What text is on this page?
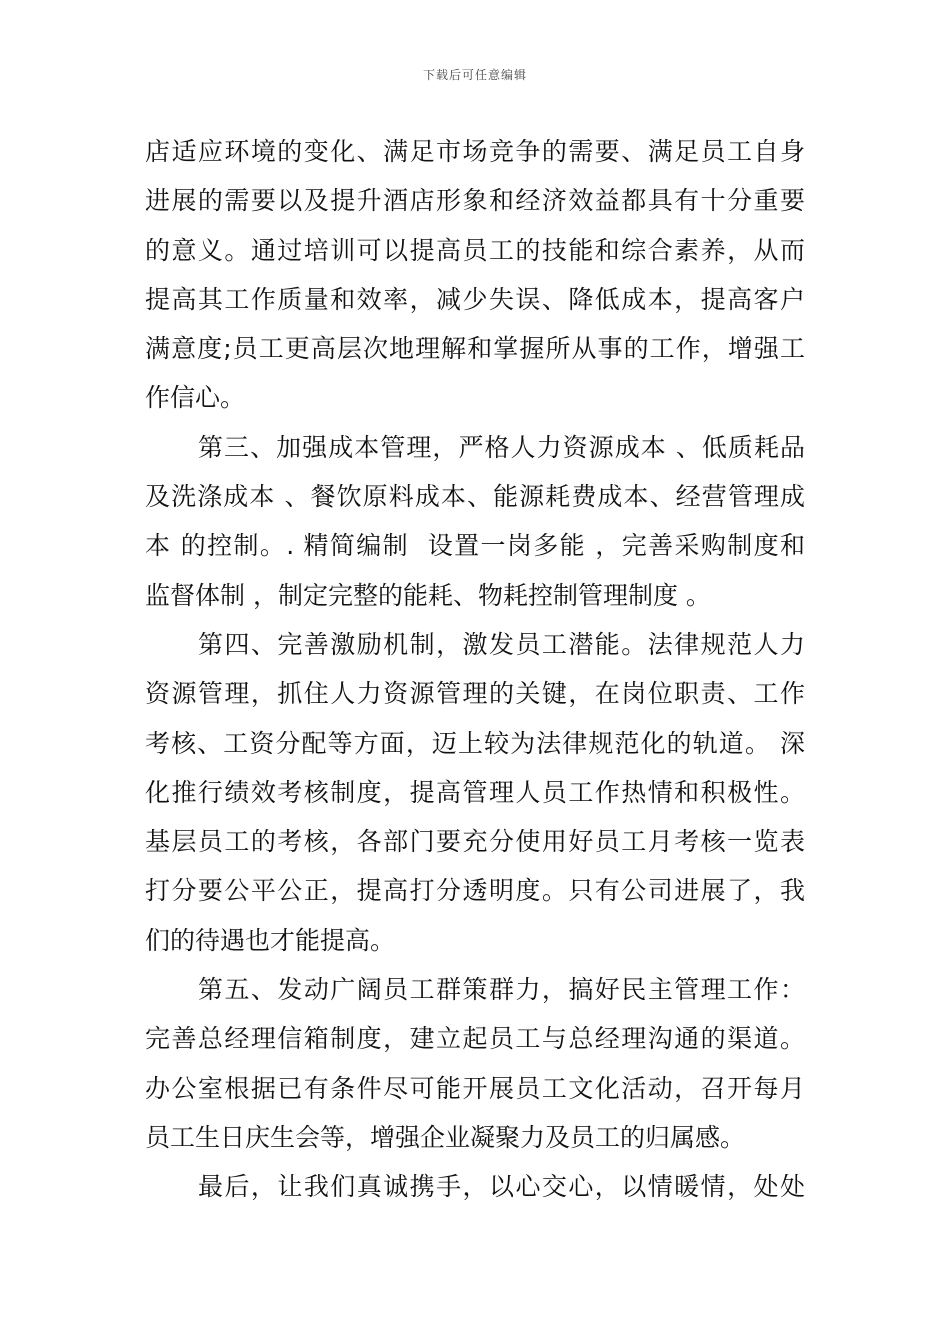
下载后可任意编辑
店适应环境的变化、满足市场竞争的需要、满足员工自身
进展的需要以及提升酒店形象和经济效益都具有十分重要
的意义。通过培训可以提高员工的技能和综合素养，从而
提高其工作质量和效率，减少失误、降低成本，提高客户
满意度;员工更高层次地理解和掌握所从事的工作，增强工
作信心。
第三、加强成本管理，严格人力资源成本 、低质耗品
及洗涤成本 、餐饮原料成本、能源耗费成本、经营管理成
本 的控制。. 精简编制  设置一岗多能 ，完善采购制度和
监督体制 ，制定完整的能耗、物耗控制管理制度 。
第四、完善激励机制，激发员工潜能。法律规范人力
资源管理，抓住人力资源管理的关键，在岗位职责、工作
考核、工资分配等方面，迈上较为法律规范化的轨道。 深
化推行绩效考核制度，提高管理人员工作热情和积极性。
基层员工的考核，各部门要充分使用好员工月考核一览表
打分要公平公正，提高打分透明度。只有公司进展了，我
们的待遇也才能提高。
第五、发动广阔员工群策群力，搞好民主管理工作：
完善总经理信箱制度，建立起员工与总经理沟通的渠道。
办公室根据已有条件尽可能开展员工文化活动，召开每月
员工生日庆生会等，增强企业凝聚力及员工的归属感。
最后，让我们真诚携手，以心交心，以情暖情，处处
